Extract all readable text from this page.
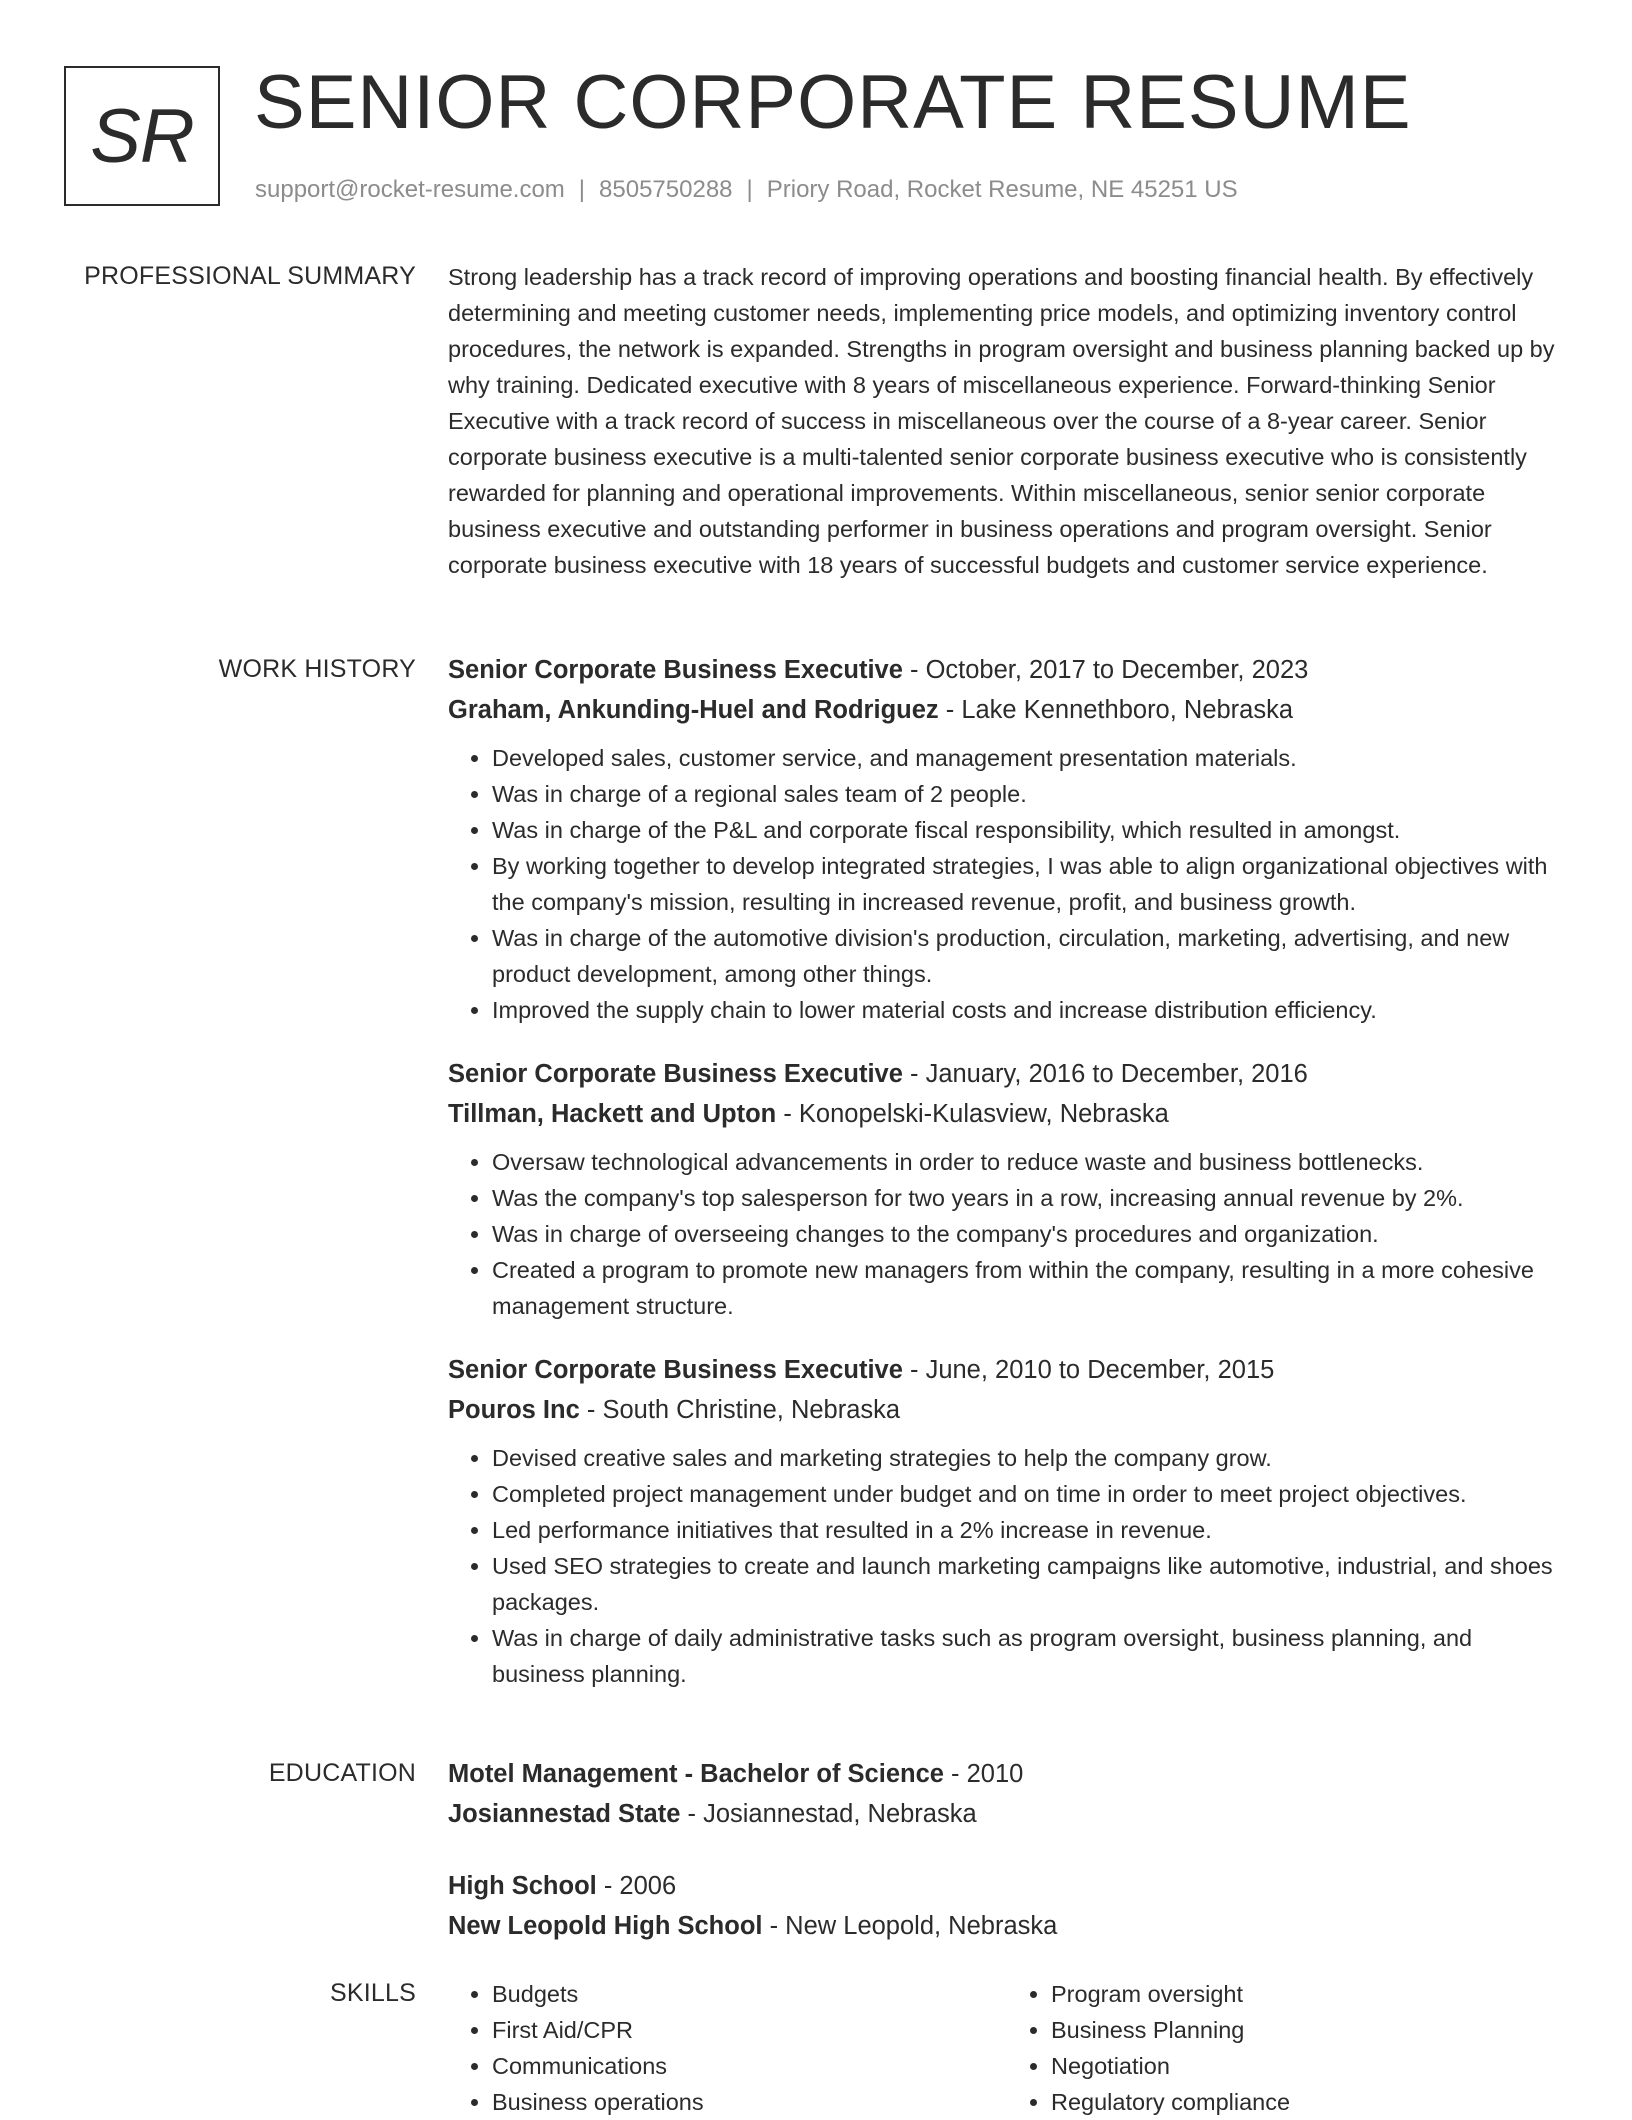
SR SENIOR CORPORATE RESUME
support@rocket-resume.com | 8505750288 | Priory Road, Rocket Resume, NE 45251 US
PROFESSIONAL SUMMARY Strong leadership has a track record of improving operations and boosting financial health. By effectively determining and meeting customer needs, implementing price models, and optimizing inventory control procedures, the network is expanded. Strengths in program oversight and business planning backed up by why training. Dedicated executive with 8 years of miscellaneous experience. Forward-thinking Senior Executive with a track record of success in miscellaneous over the course of a 8-year career. Senior corporate business executive is a multi-talented senior corporate business executive who is consistently rewarded for planning and operational improvements. Within miscellaneous, senior senior corporate business executive and outstanding performer in business operations and program oversight. Senior corporate business executive with 18 years of successful budgets and customer service experience.

WORK HISTORY Senior Corporate Business Executive - October, 2017 to December, 2023
Graham, Ankunding-Huel and Rodriguez - Lake Kennethboro, Nebraska
• Developed sales, customer service, and management presentation materials.
• Was in charge of a regional sales team of 2 people.
• Was in charge of the P&L and corporate fiscal responsibility, which resulted in amongst.
• By working together to develop integrated strategies, I was able to align organizational objectives with the company's mission, resulting in increased revenue, profit, and business growth.
• Was in charge of the automotive division's production, circulation, marketing, advertising, and new product development, among other things.
• Improved the supply chain to lower material costs and increase distribution efficiency.
Senior Corporate Business Executive - January, 2016 to December, 2016
Tillman, Hackett and Upton - Konopelski-Kulasview, Nebraska
• Oversaw technological advancements in order to reduce waste and business bottlenecks.
• Was the company's top salesperson for two years in a row, increasing annual revenue by 2%.
• Was in charge of overseeing changes to the company's procedures and organization.
• Created a program to promote new managers from within the company, resulting in a more cohesive management structure.
Senior Corporate Business Executive - June, 2010 to December, 2015
Pouros Inc - South Christine, Nebraska
• Devised creative sales and marketing strategies to help the company grow.
• Completed project management under budget and on time in order to meet project objectives.
• Led performance initiatives that resulted in a 2% increase in revenue.
• Used SEO strategies to create and launch marketing campaigns like automotive, industrial, and shoes packages.
• Was in charge of daily administrative tasks such as program oversight, business planning, and business planning.
EDUCATION Motel Management - Bachelor of Science - 2010
Josiannestad State - Josiannestad, Nebraska
High School - 2006
New Leopold High School - New Leopold, Nebraska
SKILLS
•	Budgets
• First Aid/CPR
• Communications
• Business operations
• Program oversight
• Business Planning
• Negotiation
• Regulatory compliance
